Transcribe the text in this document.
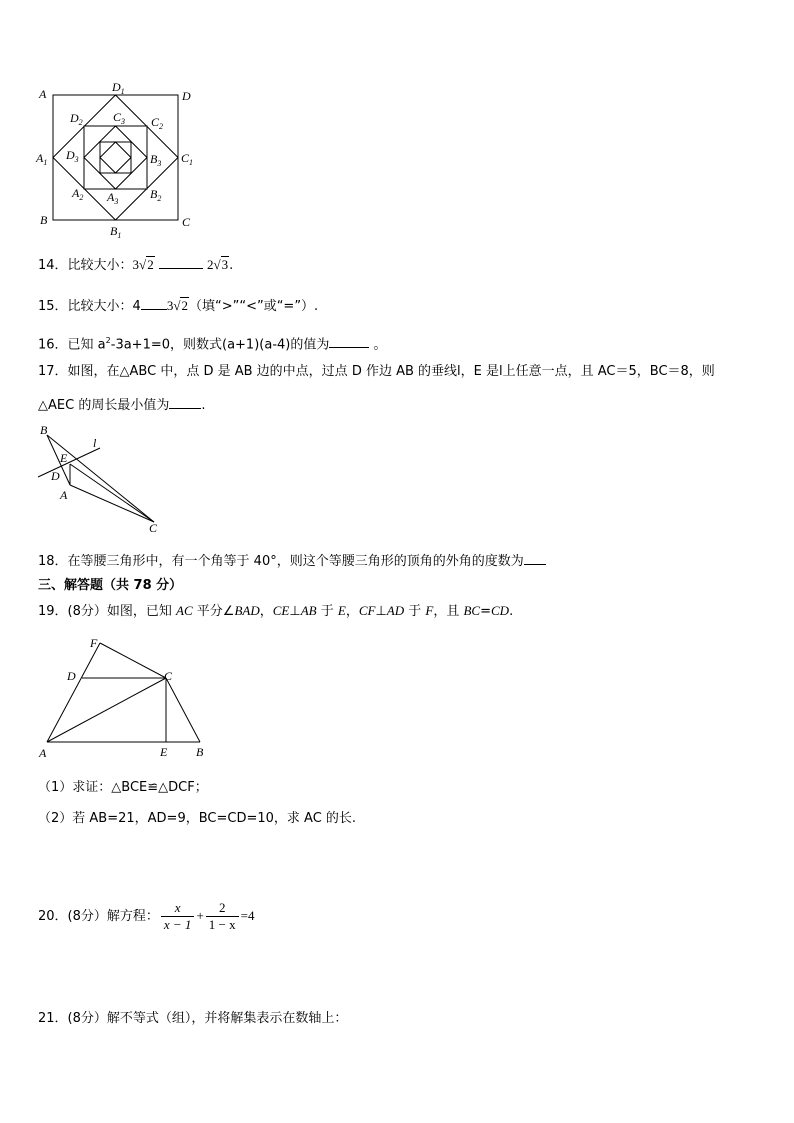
A	D
B	C
$D_1$
$C_1$
$B_1$
$A_1$
$D_2$	$C_2$
$B_2$
$A_2$
$D_3$
$C_3$
$B_3$
$A_3$
14．比较大小：3√2	2√3.
15．比较大小：4 3√2（填“>”“<”或“=”）.
16．已知 $a^2-3a+1=0$，则数式(a+1)(a-4)的值为	。
17．如图，在△ABC 中，点 D 是 AB 边的中点，过点 D 作边 AB 的垂线l，E 是l上任意一点，且 AC＝5，BC＝8，则
△AEC 的周长最小值为 .
B
l
E
D
A
C
18．在等腰三角形中，有一个角等于 40°，则这个等腰三角形的顶角的外角的度数为
三、解答题（共 78 分）
19．(8分）如图，已知 AC 平分∠BAD，CE⊥AB 于 E，CF⊥AD 于 F，且 BC=CD.
F
D	C
A	E B
（1）求证：△BCE≌△DCF；
（2）若 AB=21，AD=9，BC=CD=10，求 AC 的长.
20．(8分）解方程： $\frac{x}{x - 1} + \frac{2}{1 - x} =4$
21．(8分）解不等式（组），并将解集表示在数轴上：
